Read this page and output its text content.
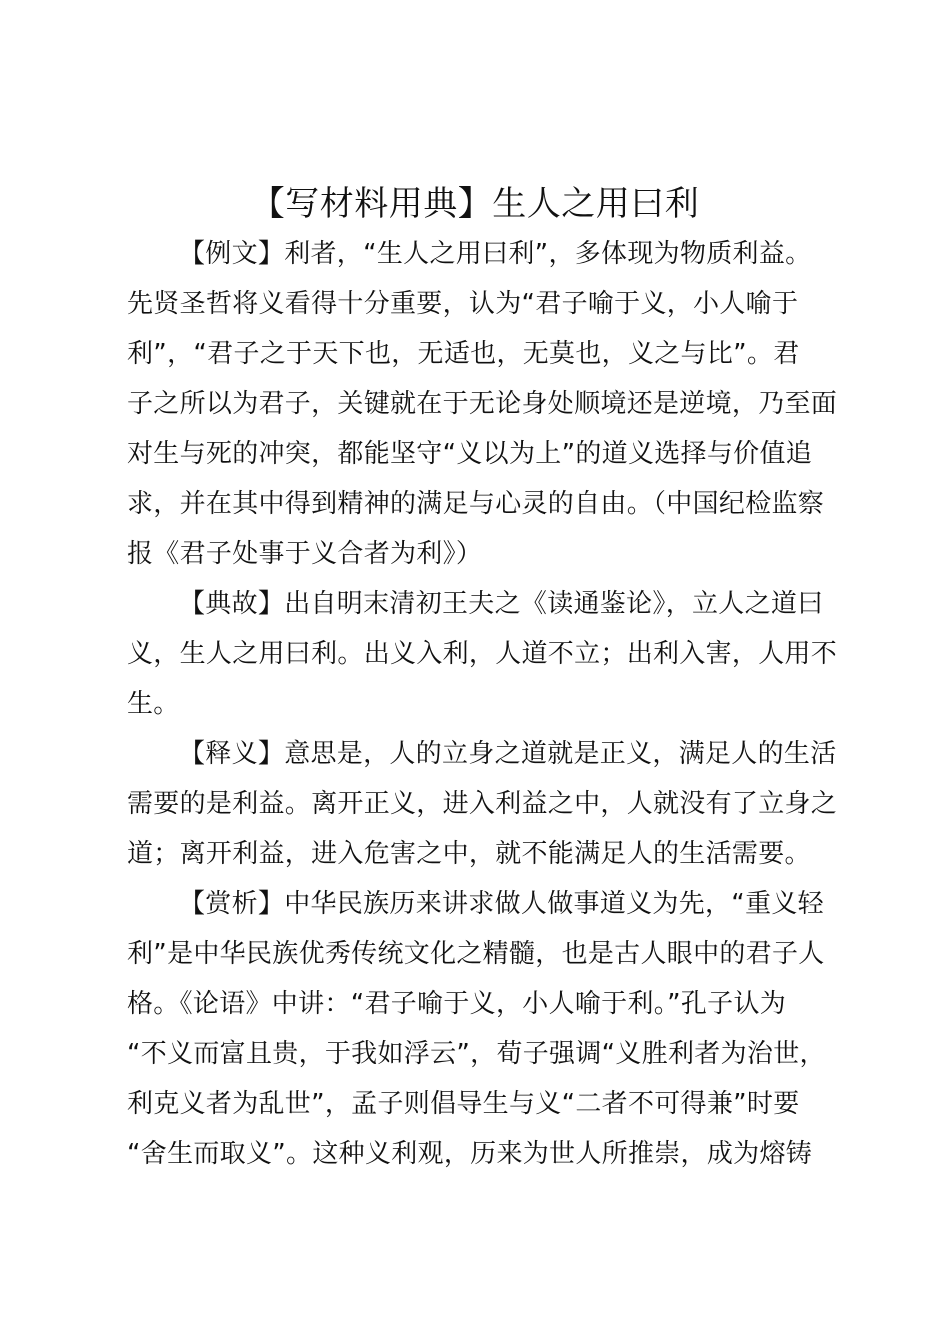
【写材料用典】生人之用曰利
【例文】利者，“生人之用曰利”，多体现为物质利益。
先贤圣哲将义看得十分重要，认为“君子喻于义，小人喻于
利”，“君子之于天下也，无适也，无莫也，义之与比”。君
子之所以为君子，关键就在于无论身处顺境还是逆境，乃至面
对生与死的冲突，都能坚守“义以为上”的道义选择与价值追
求，并在其中得到精神的满足与心灵的自由。（中国纪检监察
报《君子处事于义合者为利》）
【典故】出自明末清初王夫之《读通鉴论》，立人之道曰
义，生人之用曰利。出义入利，人道不立；出利入害，人用不
生。
【释义】意思是，人的立身之道就是正义，满足人的生活
需要的是利益。离开正义，进入利益之中，人就没有了立身之
道；离开利益，进入危害之中，就不能满足人的生活需要。
【赏析】中华民族历来讲求做人做事道义为先，“重义轻
利”是中华民族优秀传统文化之精髓，也是古人眼中的君子人
格。《论语》中讲：“君子喻于义，小人喻于利。”孔子认为
“不义而富且贵，于我如浮云”，荀子强调“义胜利者为治世，
利克义者为乱世”，孟子则倡导生与义“二者不可得兼”时要
“舍生而取义”。这种义利观，历来为世人所推崇，成为熔铸
